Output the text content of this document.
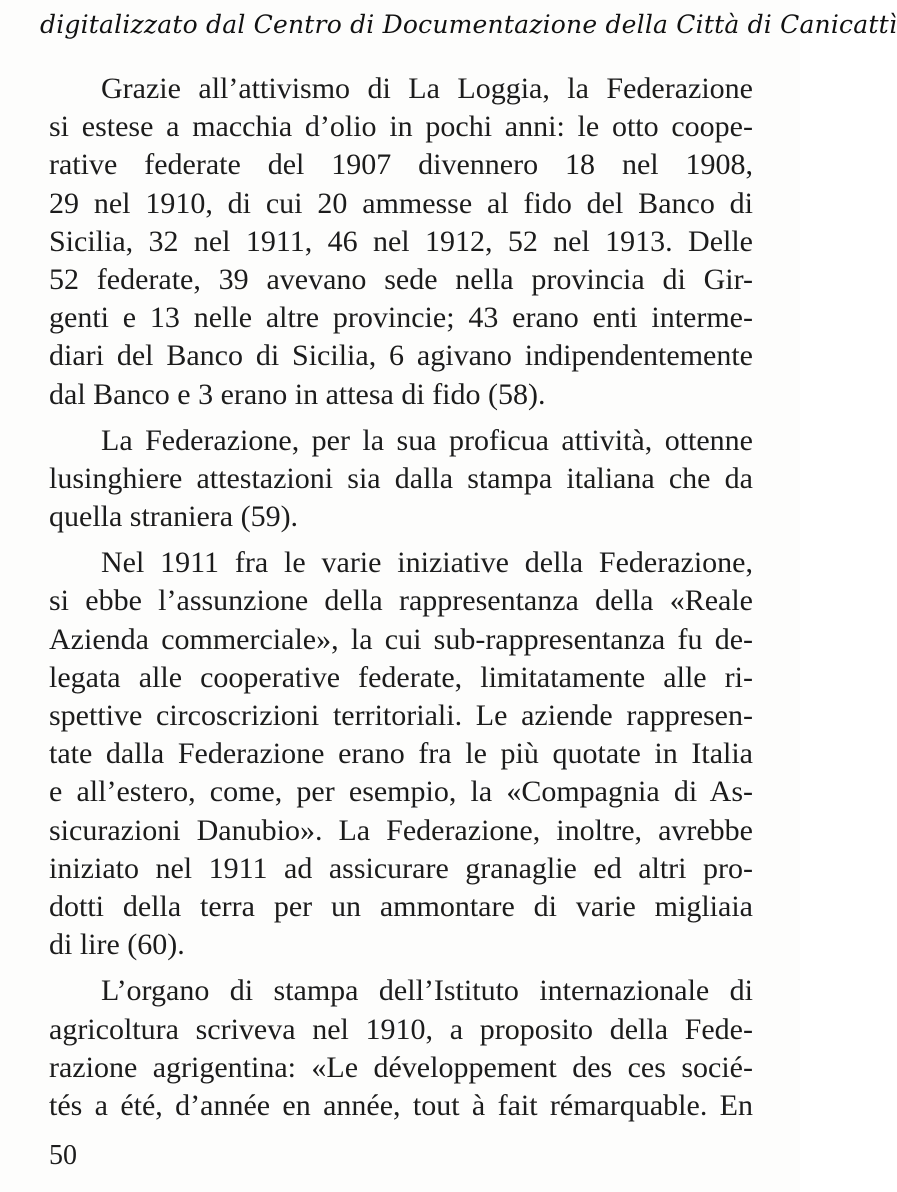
digitalizzato dal Centro di Documentazione della Città di Canicattì
Grazie all’attivismo di La Loggia, la Federazione
si estese a macchia d’olio in pochi anni: le otto coope-
rative federate del 1907 divennero 18 nel 1908,
29 nel 1910, di cui 20 ammesse al fido del Banco di
Sicilia, 32 nel 1911, 46 nel 1912, 52 nel 1913. Delle
52 federate, 39 avevano sede nella provincia di Gir-
genti e 13 nelle altre provincie; 43 erano enti interme-
diari del Banco di Sicilia, 6 agivano indipendentemente
dal Banco e 3 erano in attesa di fido (58).
La Federazione, per la sua proficua attività, ottenne
lusinghiere attestazioni sia dalla stampa italiana che da
quella straniera (59).
Nel 1911 fra le varie iniziative della Federazione,
si ebbe l’assunzione della rappresentanza della «Reale
Azienda commerciale», la cui sub-rappresentanza fu de-
legata alle cooperative federate, limitatamente alle ri-
spettive circoscrizioni territoriali. Le aziende rappresen-
tate dalla Federazione erano fra le più quotate in Italia
e all’estero, come, per esempio, la «Compagnia di As-
sicurazioni Danubio». La Federazione, inoltre, avrebbe
iniziato nel 1911 ad assicurare granaglie ed altri pro-
dotti della terra per un ammontare di varie migliaia
di lire (60).
L’organo di stampa dell’Istituto internazionale di
agricoltura scriveva nel 1910, a proposito della Fede-
razione agrigentina: «Le développement des ces socié-
tés a été, d’année en année, tout à fait rémarquable. En
50
